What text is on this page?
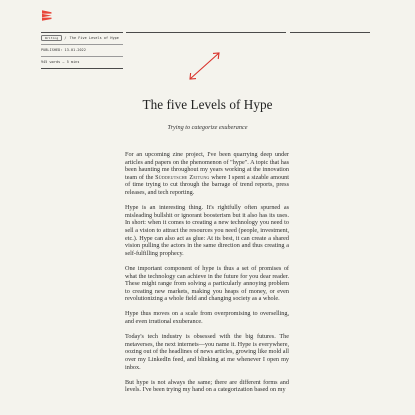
Writing / The Five Levels of Hype
PUBLISHED: 13.01.2022
945 words — 5 mins
The five Levels of Hype
Trying to categorize exuberance

For an upcoming zine project, I've been quarrying deep under articles and papers on the phenomenon of "hype". A topic that has been haunting me throughout my years working at the innovation team of the Süddeutsche Zeitung where I spent a sizable amount of time trying to cut through the barrage of trend reports, press releases, and tech reporting.

Hype is an interesting thing. It's rightfully often spurned as misleading bullshit or ignorant boosterism but it also has its uses. In short: when it comes to creating a new technology you need to sell a vision to attract the resources you need (people, investment, etc.). Hype can also act as glue: At its best, it can create a shared vision pulling the actors in the same direction and thus creating a self-fulfilling prophecy.

One important component of hype is thus a set of promises of what the technology can achieve in the future for you dear reader. These might range from solving a particularly annoying problem to creating new markets, making you heaps of money, or even revolutionizing a whole field and changing society as a whole.

Hype thus moves on a scale from overpromising to overselling, and even irrational exuberance.

Today's tech industry is obsessed with the big futures. The metaverses, the next internets—you name it. Hype is everywhere, oozing out of the headlines of news articles, growing like mold all over my LinkedIn feed, and blinking at me whenever I open my inbox.

But hype is not always the same; there are different forms and levels. I've been trying my hand on a categorization based on my
